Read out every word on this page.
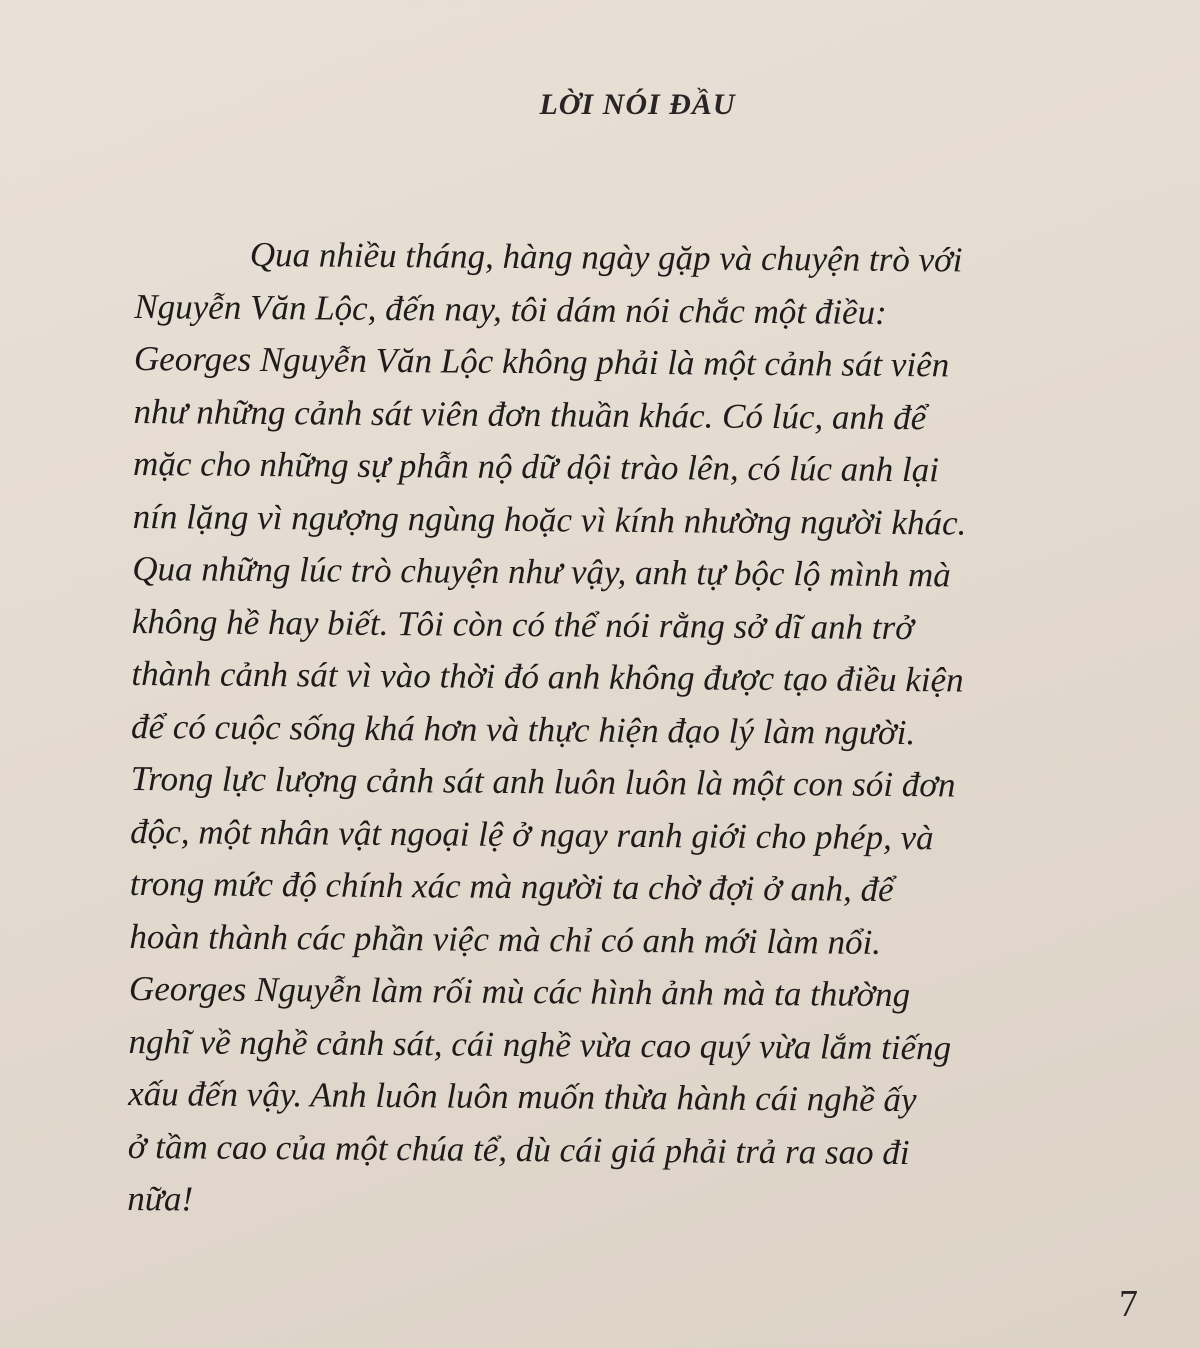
LỜI NÓI ĐẦU

Qua nhiều tháng, hàng ngày gặp và chuyện trò với
Nguyễn Văn Lộc, đến nay, tôi dám nói chắc một điều:
Georges Nguyễn Văn Lộc không phải là một cảnh sát viên
như những cảnh sát viên đơn thuần khác. Có lúc, anh để
mặc cho những sự phẫn nộ dữ dội trào lên, có lúc anh lại
nín lặng vì ngượng ngùng hoặc vì kính nhường người khác.
Qua những lúc trò chuyện như vậy, anh tự bộc lộ mình mà
không hề hay biết. Tôi còn có thể nói rằng sở dĩ anh trở
thành cảnh sát vì vào thời đó anh không được tạo điều kiện
để có cuộc sống khá hơn và thực hiện đạo lý làm người.
Trong lực lượng cảnh sát anh luôn luôn là một con sói đơn
độc, một nhân vật ngoại lệ ở ngay ranh giới cho phép, và
trong mức độ chính xác mà người ta chờ đợi ở anh, để
hoàn thành các phần việc mà chỉ có anh mới làm nổi.
Georges Nguyễn làm rối mù các hình ảnh mà ta thường
nghĩ về nghề cảnh sát, cái nghề vừa cao quý vừa lắm tiếng
xấu đến vậy. Anh luôn luôn muốn thừa hành cái nghề ấy
ở tầm cao của một chúa tể, dù cái giá phải trả ra sao đi
nữa!

7
